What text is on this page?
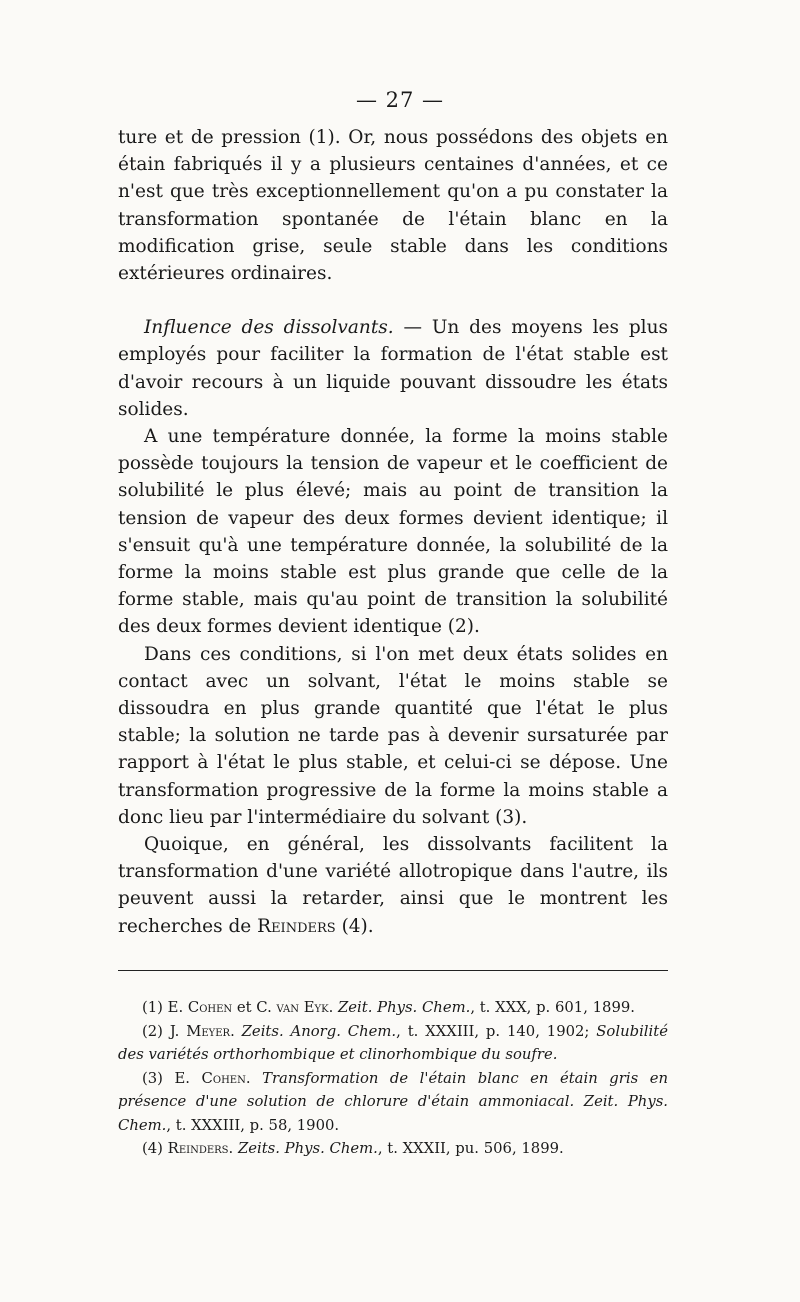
— 27 —

ture et de pression (1). Or, nous possédons des objets en étain fabriqués il y a plusieurs centaines d'années, et ce n'est que très exceptionnellement qu'on a pu constater la transformation spontanée de l'étain blanc en la modification grise, seule stable dans les conditions extérieures ordinaires.

Influence des dissolvants. — Un des moyens les plus employés pour faciliter la formation de l'état stable est d'avoir recours à un liquide pouvant dissoudre les états solides.

A une température donnée, la forme la moins stable possède toujours la tension de vapeur et le coefficient de solubilité le plus élevé; mais au point de transition la tension de vapeur des deux formes devient identique; il s'ensuit qu'à une température donnée, la solubilité de la forme la moins stable est plus grande que celle de la forme stable, mais qu'au point de transition la solubilité des deux formes devient identique (2).

Dans ces conditions, si l'on met deux états solides en contact avec un solvant, l'état le moins stable se dissoudra en plus grande quantité que l'état le plus stable; la solution ne tarde pas à devenir sursaturée par rapport à l'état le plus stable, et celui-ci se dépose. Une transformation progressive de la forme la moins stable a donc lieu par l'intermédiaire du solvant (3).

Quoique, en général, les dissolvants facilitent la transformation d'une variété allotropique dans l'autre, ils peuvent aussi la retarder, ainsi que le montrent les recherches de Reinders (4).

(1) E. Cohen et C. van Eyk. Zeit. Phys. Chem., t. XXX, p. 601, 1899.

(2) J. Meyer. Zeits. Anorg. Chem., t. XXXIII, p. 140, 1902; Solubilité des variétés orthorhombique et clinorhombique du soufre.

(3) E. Cohen. Transformation de l'étain blanc en étain gris en présence d'une solution de chlorure d'étain ammoniacal. Zeit. Phys. Chem., t. XXXIII, p. 58, 1900.

(4) Reinders. Zeits. Phys. Chem., t. XXXII, pu. 506, 1899.
